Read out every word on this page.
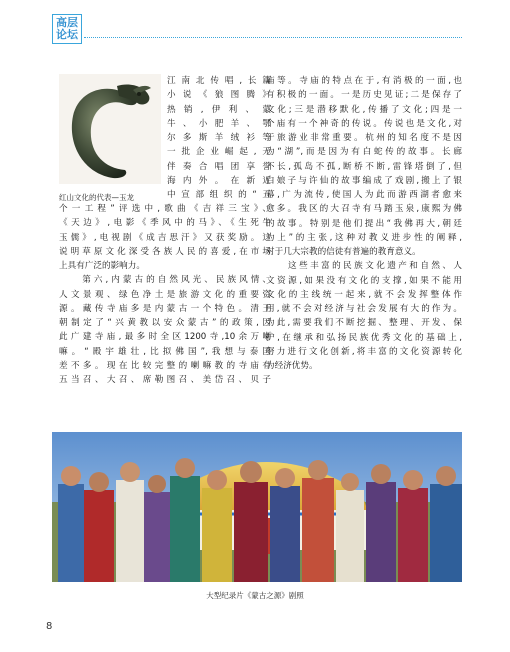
高层
论坛
红山文化的代表—玉龙
江南北传唱,长篇
小说《狼图腾》
热销,伊利、蒙
牛、小肥羊、鄂
尔多斯羊绒衫等
一批企业崛起,无
伴奏合唱团享誉
海内外。在新近
中宣部组织的“五
个一工程”评选中,歌曲《吉祥三宝》、
《天边》,电影《季风中的马》、《生死牛
玉儒》,电视剧《成吉思汗》又获奖励。这
说明草原文化深受各族人民的喜爱,在市场
上具有广泛的影响力。
　　第六,内蒙古的自然风光、民族风情、
人文景观、绿色净土是旅游文化的重要资
源。藏传寺庙多是内蒙古一个特色。清王
朝制定了“兴黄教以安众蒙古”的政策,因
此广建寺庙,最多时全区1200寺,10余万喇
嘛。“殿宇雄壮,比拟佛国”,我想与泰国
差不多。现在比较完整的喇嘛教的寺庙有
五当召、大召、席勒图召、美岱召、贝子
庙等。寺庙的特点在于,有消极的一面,也
有积极的一面。一是历史见证;二是保存了
文化;三是潜移默化,传播了文化;四是一
个庙有一个神奇的传说。传说也是文化,对
于旅游业非常重要。杭州的知名度不是因
为“湖”,而是因为有白蛇传的故事。长廊
不长,孤岛不孤,断桥不断,雷锋塔倒了,但
白娘子与许仙的故事编成了戏剧,搬上了银
幕,广为流传,使国人为此而游西湖者愈来
愈多。我区的大召寺有马踏玉泉,康熙为佛
的故事。特别是他们提出“我佛再大,朝廷
为上”的主张,这种对教义进步性的阐释,
对于几大宗教的信徒有普遍的教育意义。
　　这些丰富的民族文化遗产和自然、人
文资源,如果没有文化的支撑,如果不能用
文化的主线统一起来,就不会发挥整体作
用,就不会对经济与社会发展有大的作为。
为此,需要我们不断挖掘、整理、开发、保
护,在继承和弘扬民族优秀文化的基础上,
努力进行文化创新,将丰富的文化资源转化
为经济优势。
大型纪录片《蒙古之源》剧照
8
